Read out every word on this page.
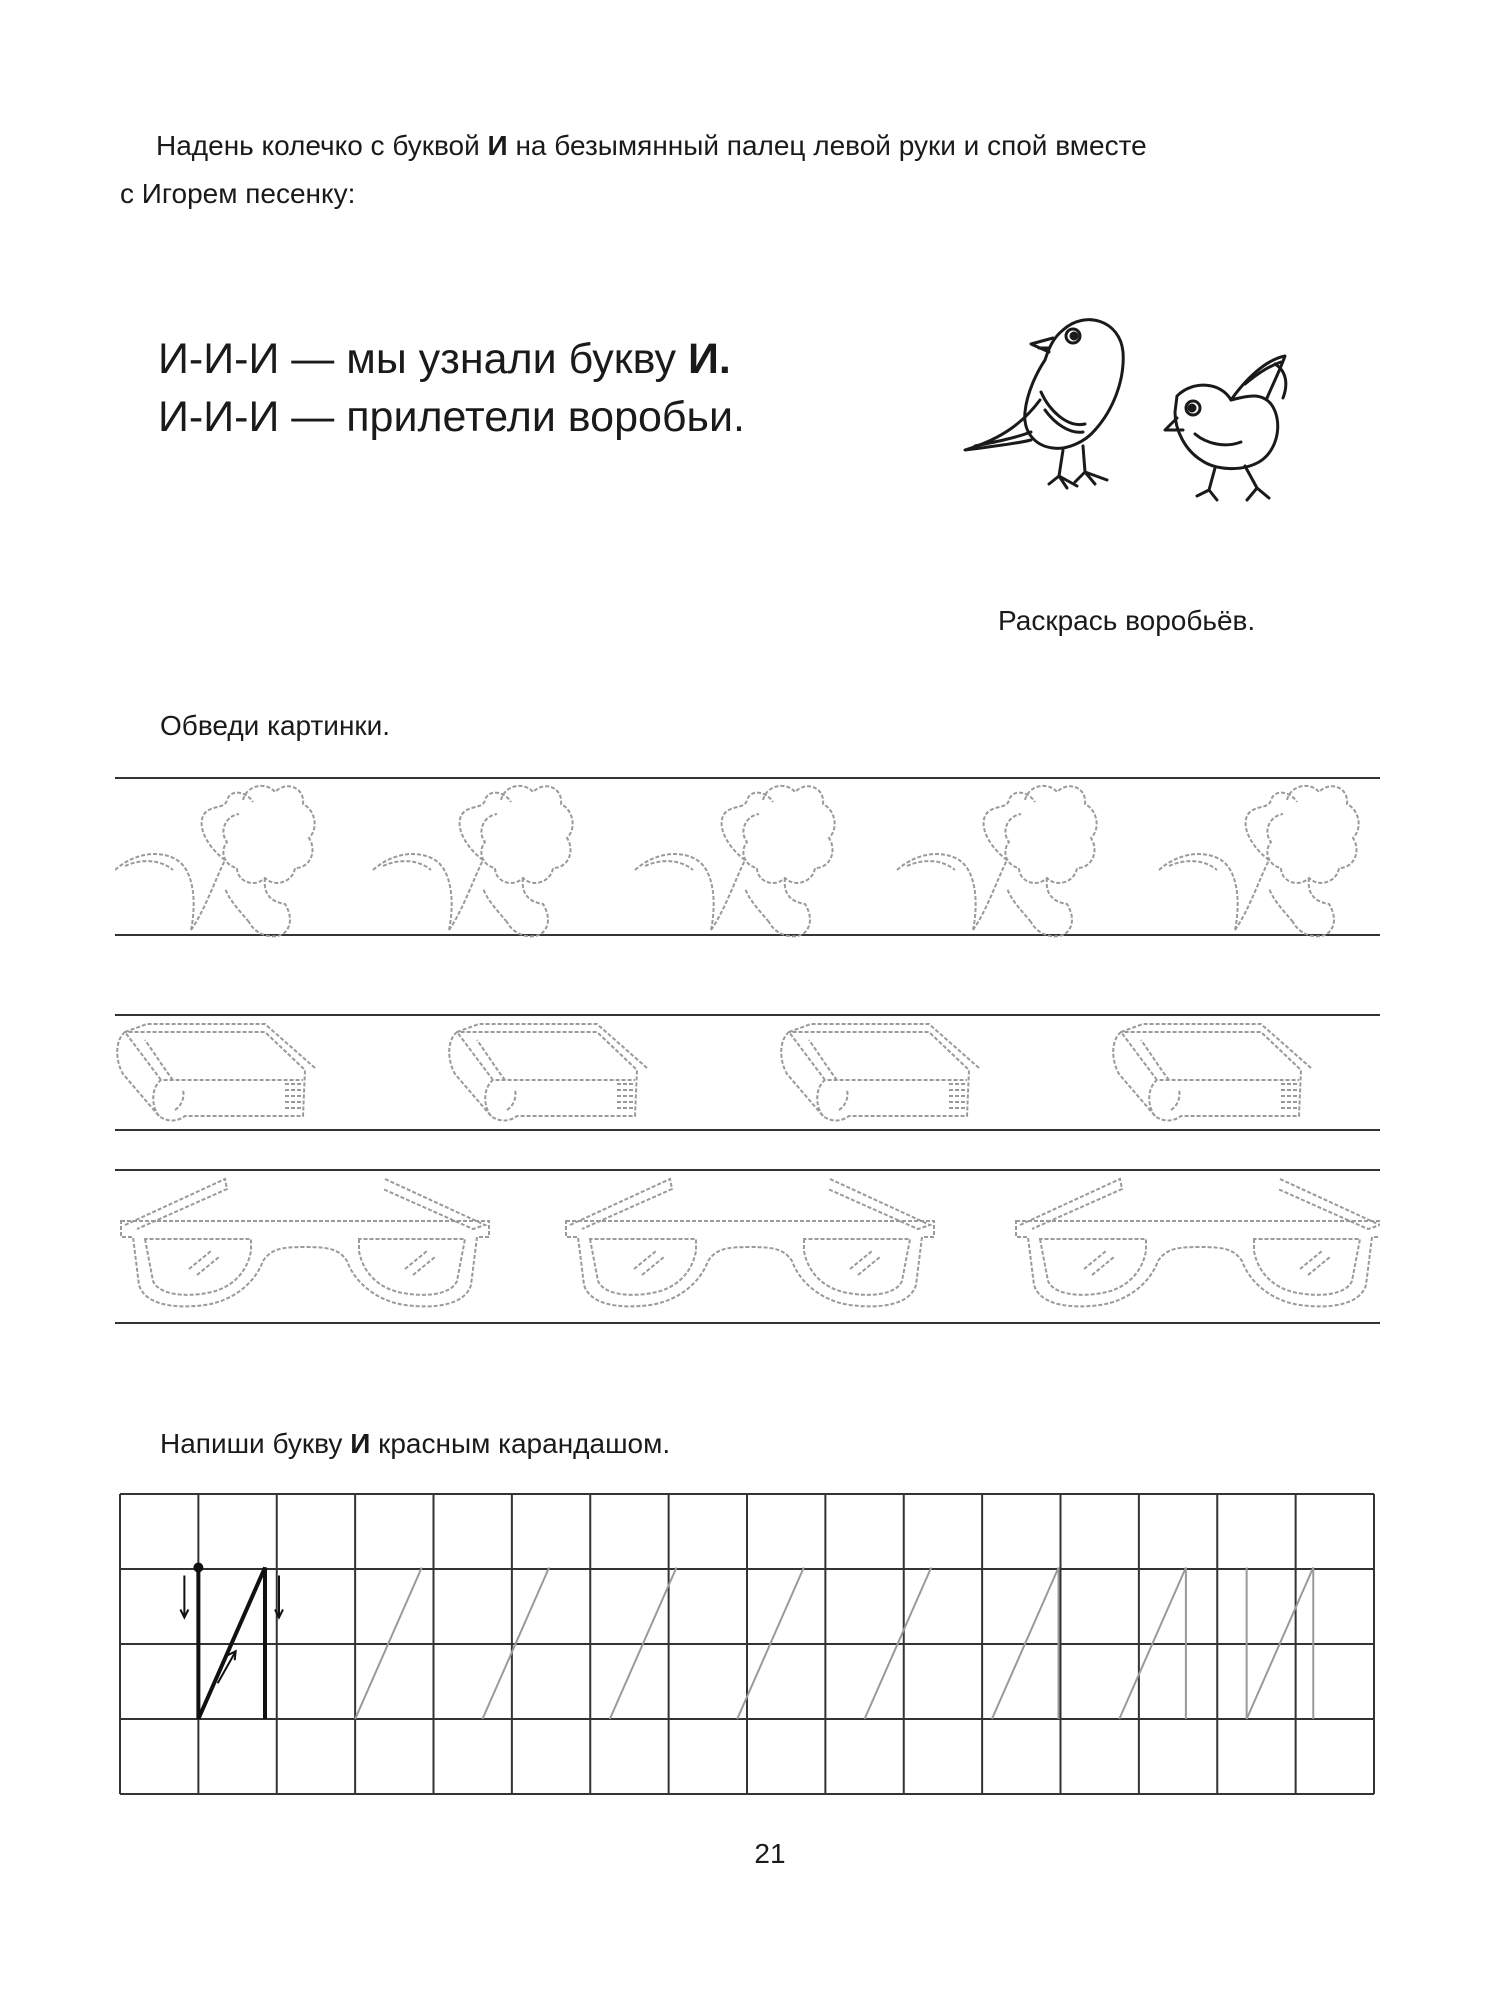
Надень колечко с буквой И на безымянный палец левой руки и спой вместе

с Игорем песенку:

И-И-И — мы узнали букву И.
И-И-И — прилетели воробьи.
Раскрась воробьёв.
Обведи картинки.
Напиши букву И красным карандашом.
21
